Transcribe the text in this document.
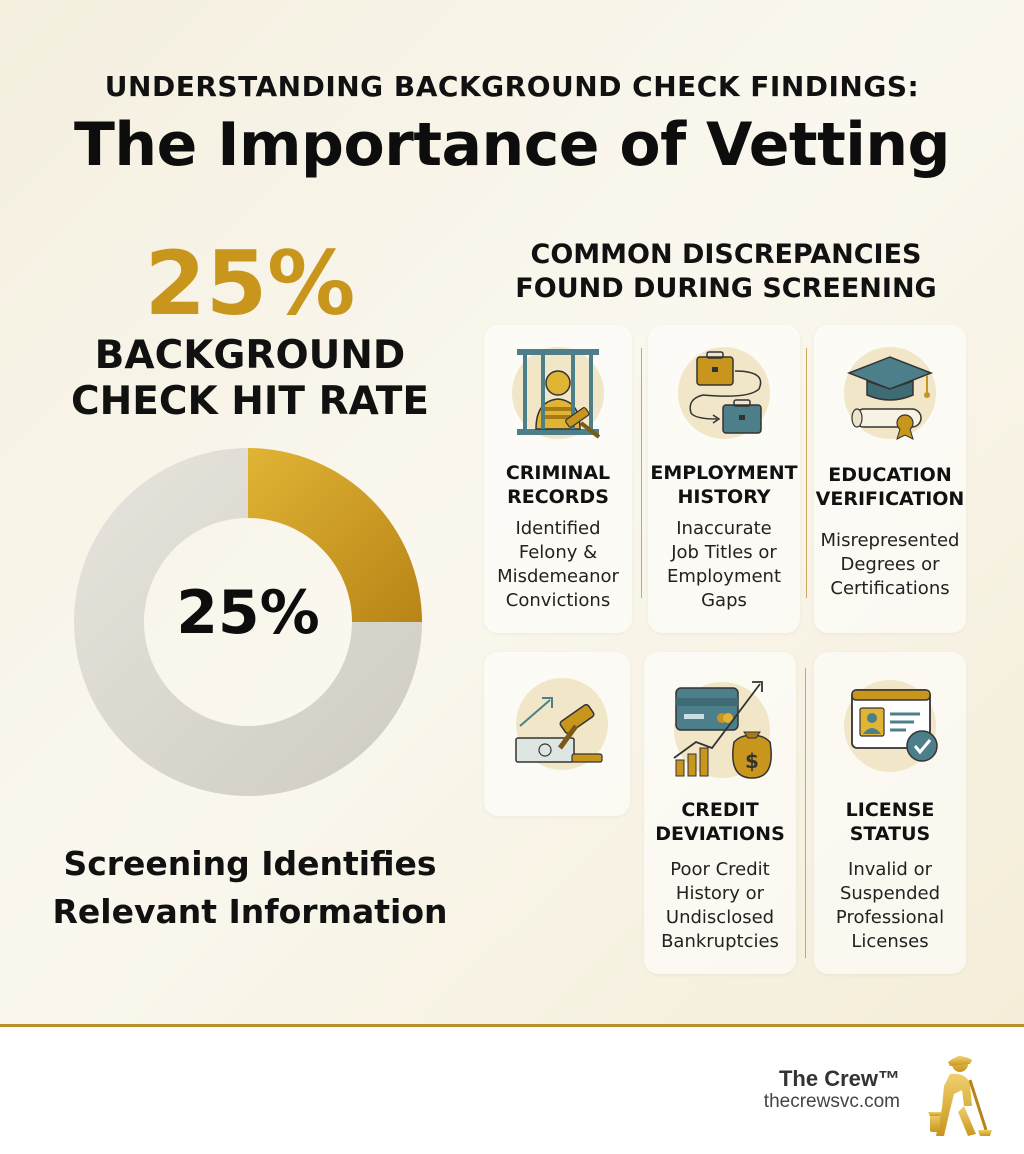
UNDERSTANDING BACKGROUND CHECK FINDINGS:
The Importance of Vetting
25%
BACKGROUND
CHECK HIT RATE
25%
Screening Identifies
Relevant Information
COMMON DISCREPANCIES
FOUND DURING SCREENING
CRIMINAL
RECORDS
Identified
Felony &
Misdemeanor
Convictions
EMPLOYMENT
HISTORY
Inaccurate
Job Titles or
Employment
Gaps
EDUCATION
VERIFICATION
Misrepresented
Degrees or
Certifications
$
CREDIT
DEVIATIONS
Poor Credit
History or
Undisclosed
Bankruptcies
LICENSE
STATUS
Invalid or
Suspended
Professional
Licenses
The Crew™
thecrewsvc.com
